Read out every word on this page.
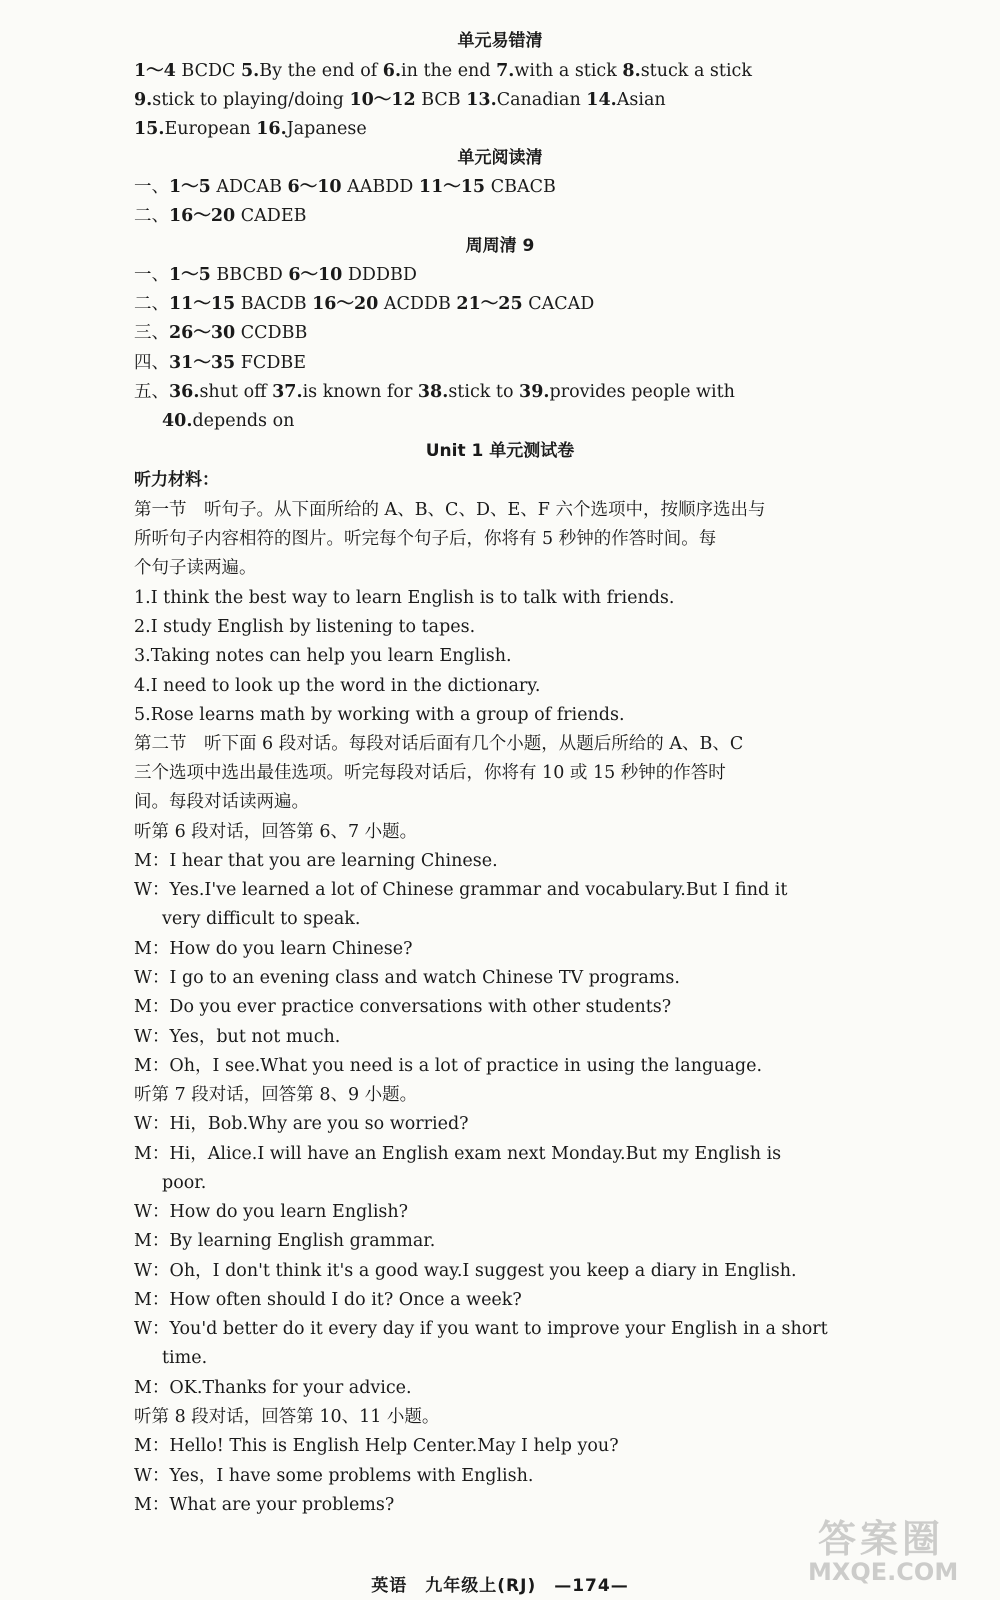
单元易错清
1～4 BCDC 5.By the end of 6.in the end 7.with a stick 8.stuck a stick
9.stick to playing/doing 10～12 BCB 13.Canadian 14.Asian
15.European 16.Japanese
单元阅读清
一、1～5 ADCAB 6～10 AABDD 11～15 CBACB
二、16～20 CADEB
周周清 9
一、1～5 BBCBD 6～10 DDDBD
二、11～15 BACDB 16～20 ACDDB 21～25 CACAD
三、26～30 CCDBB
四、31～35 FCDBE
五、36.shut off 37.is known for 38.stick to 39.provides people with
40.depends on
Unit 1 单元测试卷
听力材料：
第一节　听句子。从下面所给的 A、B、C、D、E、F 六个选项中，按顺序选出与
所听句子内容相符的图片。听完每个句子后，你将有 5 秒钟的作答时间。每
个句子读两遍。
1.I think the best way to learn English is to talk with friends.
2.I study English by listening to tapes.
3.Taking notes can help you learn English.
4.I need to look up the word in the dictionary.
5.Rose learns math by working with a group of friends.
第二节　听下面 6 段对话。每段对话后面有几个小题，从题后所给的 A、B、C
三个选项中选出最佳选项。听完每段对话后，你将有 10 或 15 秒钟的作答时
间。每段对话读两遍。
听第 6 段对话，回答第 6、7 小题。
M：I hear that you are learning Chinese.
W：Yes.I've learned a lot of Chinese grammar and vocabulary.But I find it
very difficult to speak.
M：How do you learn Chinese?
W：I go to an evening class and watch Chinese TV programs.
M：Do you ever practice conversations with other students?
W：Yes，but not much.
M：Oh，I see.What you need is a lot of practice in using the language.
听第 7 段对话，回答第 8、9 小题。
W：Hi，Bob.Why are you so worried?
M：Hi，Alice.I will have an English exam next Monday.But my English is
poor.
W：How do you learn English?
M：By learning English grammar.
W：Oh，I don't think it's a good way.I suggest you keep a diary in English.
M：How often should I do it? Once a week?
W：You'd better do it every day if you want to improve your English in a short
time.
M：OK.Thanks for your advice.
听第 8 段对话，回答第 10、11 小题。
M：Hello! This is English Help Center.May I help you?
W：Yes，I have some problems with English.
M：What are your problems?
英语　九年级上(RJ)　—174—
答案圈
MXQE.COM
